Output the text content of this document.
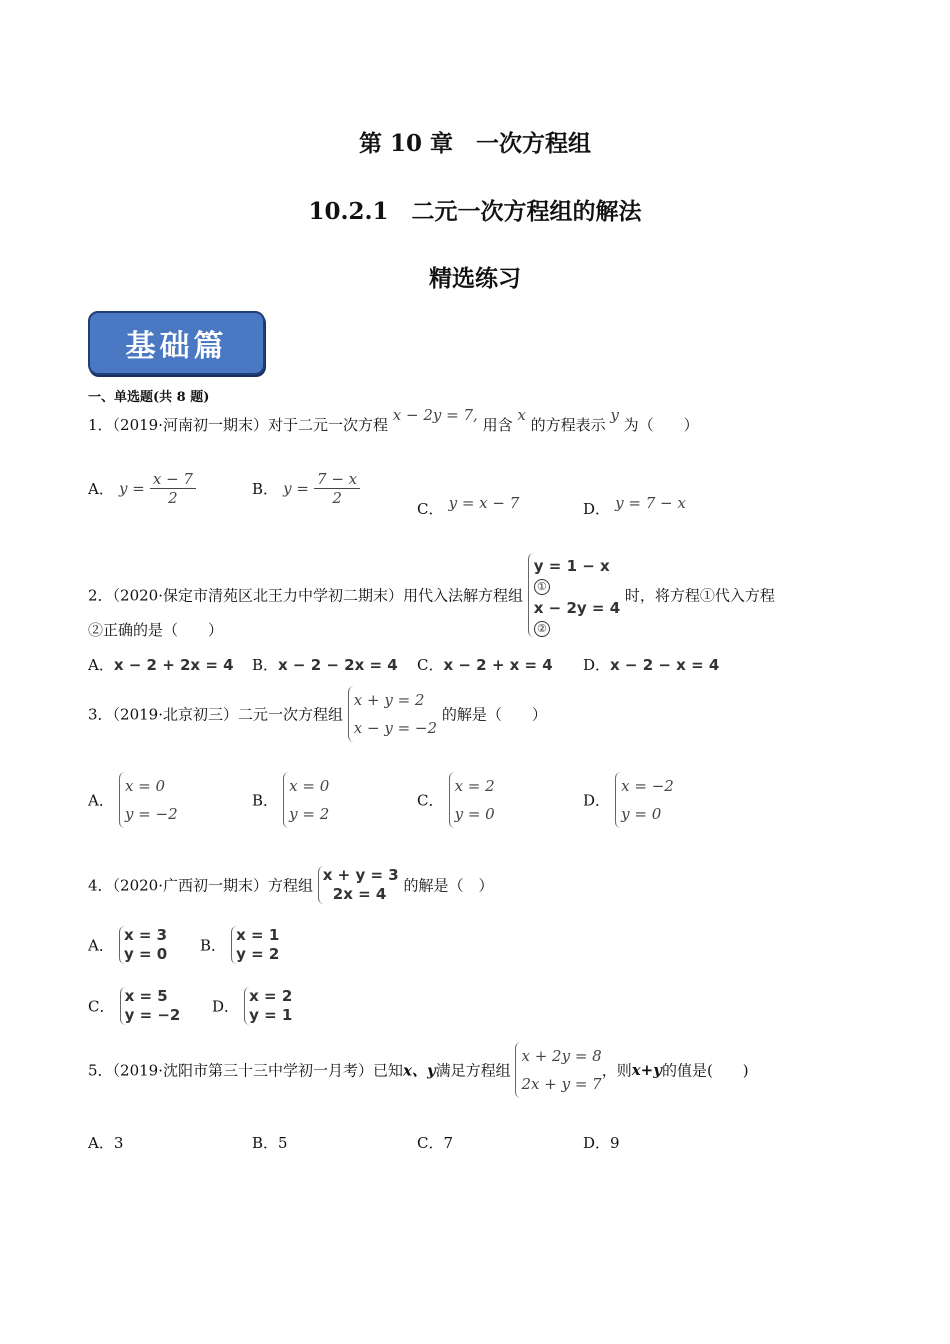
第 10 章　一次方程组
10.2.1　二元一次方程组的解法
精选练习
基础篇
一、单选题(共 8 题)
1．（2019·河南初一期末）对于二元一次方程 x − 2y = 7, 用含 x 的方程表示 y 为（　　）
A． $y = \frac{x - 7}{2}$	B． $y = \frac{7 - x}{2}$
C． y = x − 7	D． y = 7 − x
2．（2020·保定市清苑区北王力中学初二期末）用代入法解方程组
y = 1 − x
①
x − 2y = 4
②
时，将方程①代入方程
②正确的是（　　）
A．x − 2 + 2x = 4 B．x − 2 − 2x = 4 C．x − 2 + x = 4 D．x − 2 − x = 4
3．（2019·北京初三）二元一次方程组
x + y = 2
x − y = −2
的解是（　　）
A．
x = 0
y = −2
B．
x = 0
y = 2
C．
x = 2
y = 0
D．
x = −2
y = 0
4．（2020·广西初一期末）方程组
x + y = 3
2x = 4	的解是（　）
A．
x = 3
y = 0 B．
x = 1
y = 2
C．
x = 5
y = −2 D．
x = 2
y = 1
5．（2019·沈阳市第三十三中学初一月考）已知x、y满足方程组
x + 2y = 8
2x + y = 7
，则x+y的值是(　　)
A．3	B．5	C．7	D．9
